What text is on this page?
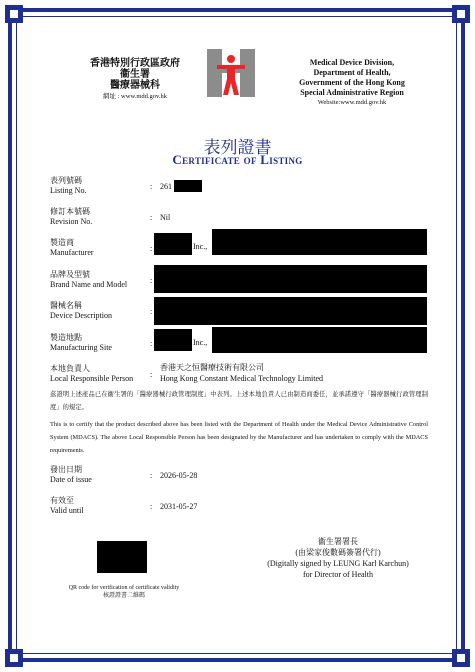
香港特別行政區政府
衞生署
醫療器械科
網址 : www.mdd.gov.hk
Medical Device Division,
Department of Health,
Government of the Hong Kong
Special Administrative Region
Website:www.mdd.gov.hk
表列證書
Certificate of Listing
表列號碼
Listing No.	: 261
修訂本號碼
Revision No.	: Nil
製造商
Manufacturer	:	Inc.,
品牌及型號
Brand Name and Model	:
醫械名稱
Device Description	:
製造地點
Manufacturing Site	:	Inc.,
本地負責人
Local Responsible Person :
香港天之恒醫療技術有限公司
Hong Kong Constant Medical Technology Limited
茲證明上述產品已在衞生署的「醫療器械行政管理制度」中表列。上述本地負責人已由制造商委任，並承諾遵守「醫療器械行政管理制度」的規定。
This is to certify that the product described above has been listed with the Department of Health under the Medical Device Administrative Control System (MDACS). The above Local Responsible Person has been designated by the Manufacturer and has undertaken to comply with the MDACS requirements.
發出日期
Date of issue	: 2026-05-28
有效至
Valid until	: 2031-05-27
QR code for verification of certificate validity
核證證書二維碼
衞生署署長
(由梁家俊數碼簽署代行)
(Digitally signed by LEUNG Karl Karchun)
for Director of Health
